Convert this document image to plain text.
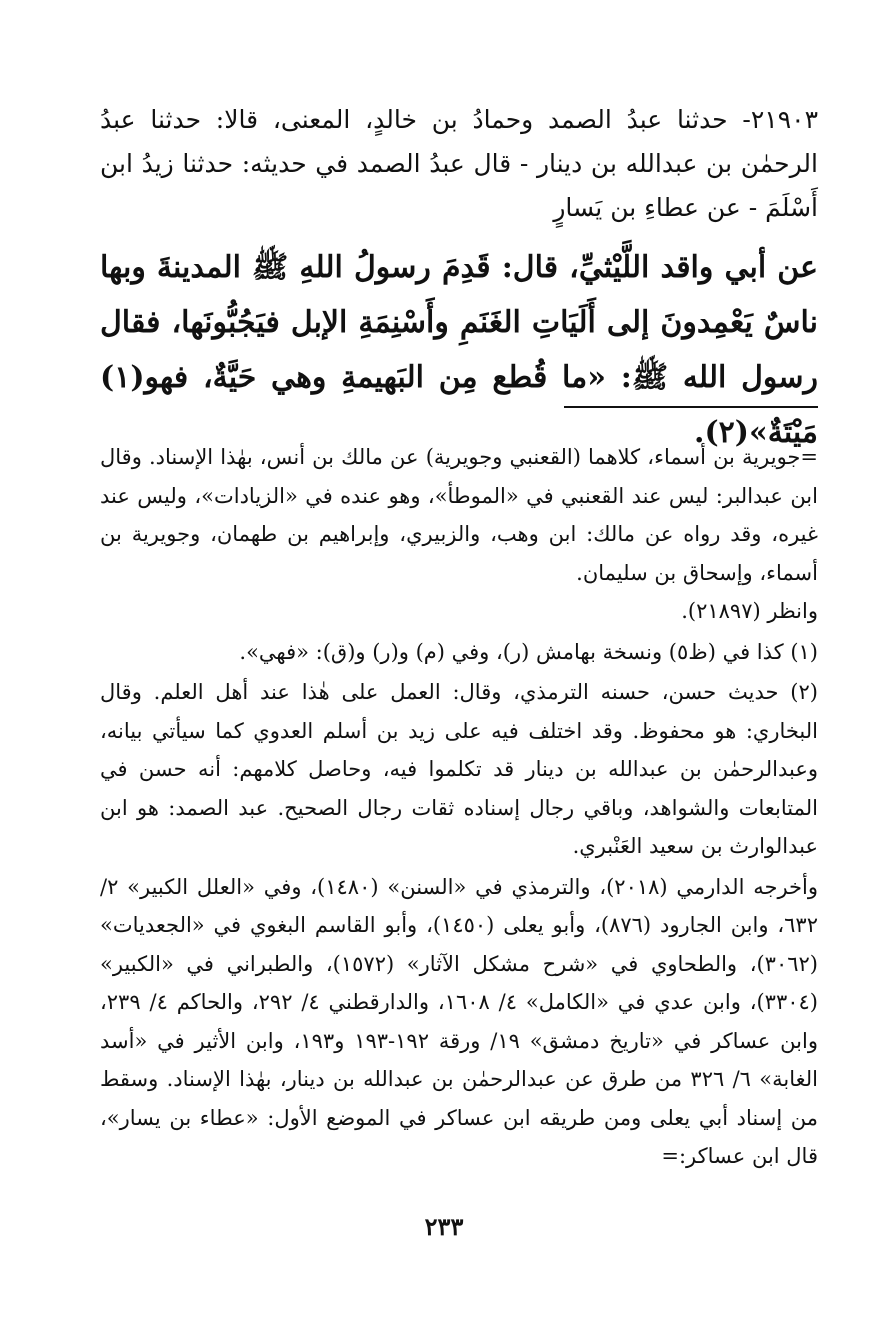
٢١٩٠٣- حدثنا عبدُ الصمد وحمادُ بن خالدٍ، المعنى، قالا: حدثنا عبدُ الرحمٰن بن عبدالله بن دينار - قال عبدُ الصمد في حديثه: حدثنا زيدُ ابن أَسْلَمَ - عن عطاءِ بن يَسارٍ
عن أبي واقد اللَّيْثيِّ، قال: قَدِمَ رسولُ اللهِ ﷺ المدينةَ وبها ناسٌ يَعْمِدونَ إلى أَلَيَاتِ الغَنَمِ وأَسْنِمَةِ الإبل فيَجُبُّونَها، فقال رسول الله ﷺ: «ما قُطع مِن البَهيمةِ وهي حَيَّةٌ، فهو(١) مَيْتَةٌ»(٢).

=جويرية بن أسماء، كلاهما (القعنبي وجويرية) عن مالك بن أنس، بهٰذا الإسناد. وقال ابن عبدالبر: ليس عند القعنبي في «الموطأ»، وهو عنده في «الزيادات»، وليس عند غيره، وقد رواه عن مالك: ابن وهب، والزبيري، وإبراهيم بن طهمان، وجويرية بن أسماء، وإسحاق بن سليمان.

وانظر (٢١٨٩٧).

(١) كذا في (ظ٥) ونسخة بهامش (ر)، وفي (م) و(ر) و(ق): «فهي».

(٢) حديث حسن، حسنه الترمذي، وقال: العمل على هٰذا عند أهل العلم. وقال البخاري: هو محفوظ. وقد اختلف فيه على زيد بن أسلم العدوي كما سيأتي بيانه، وعبدالرحمٰن بن عبدالله بن دينار قد تكلموا فيه، وحاصل كلامهم: أنه حسن في المتابعات والشواهد، وباقي رجال إسناده ثقات رجال الصحيح. عبد الصمد: هو ابن عبدالوارث بن سعيد العَنْبري.

وأخرجه الدارمي (٢٠١٨)، والترمذي في «السنن» (١٤٨٠)، وفي «العلل الكبير» ٢/ ٦٣٢، وابن الجارود (٨٧٦)، وأبو يعلى (١٤٥٠)، وأبو القاسم البغوي في «الجعديات» (٣٠٦٢)، والطحاوي في «شرح مشكل الآثار» (١٥٧٢)، والطبراني في «الكبير» (٣٣٠٤)، وابن عدي في «الكامل» ٤/ ١٦٠٨، والدارقطني ٤/ ٢٩٢، والحاكم ٤/ ٢٣٩، وابن عساكر في «تاريخ دمشق» ١٩/ ورقة ١٩٢-١٩٣ و١٩٣، وابن الأثير في «أسد الغابة» ٦/ ٣٢٦ من طرق عن عبدالرحمٰن بن عبدالله بن دينار، بهٰذا الإسناد. وسقط من إسناد أبي يعلى ومن طريقه ابن عساكر في الموضع الأول: «عطاء بن يسار»، قال ابن عساكر:=

٢٣٣
